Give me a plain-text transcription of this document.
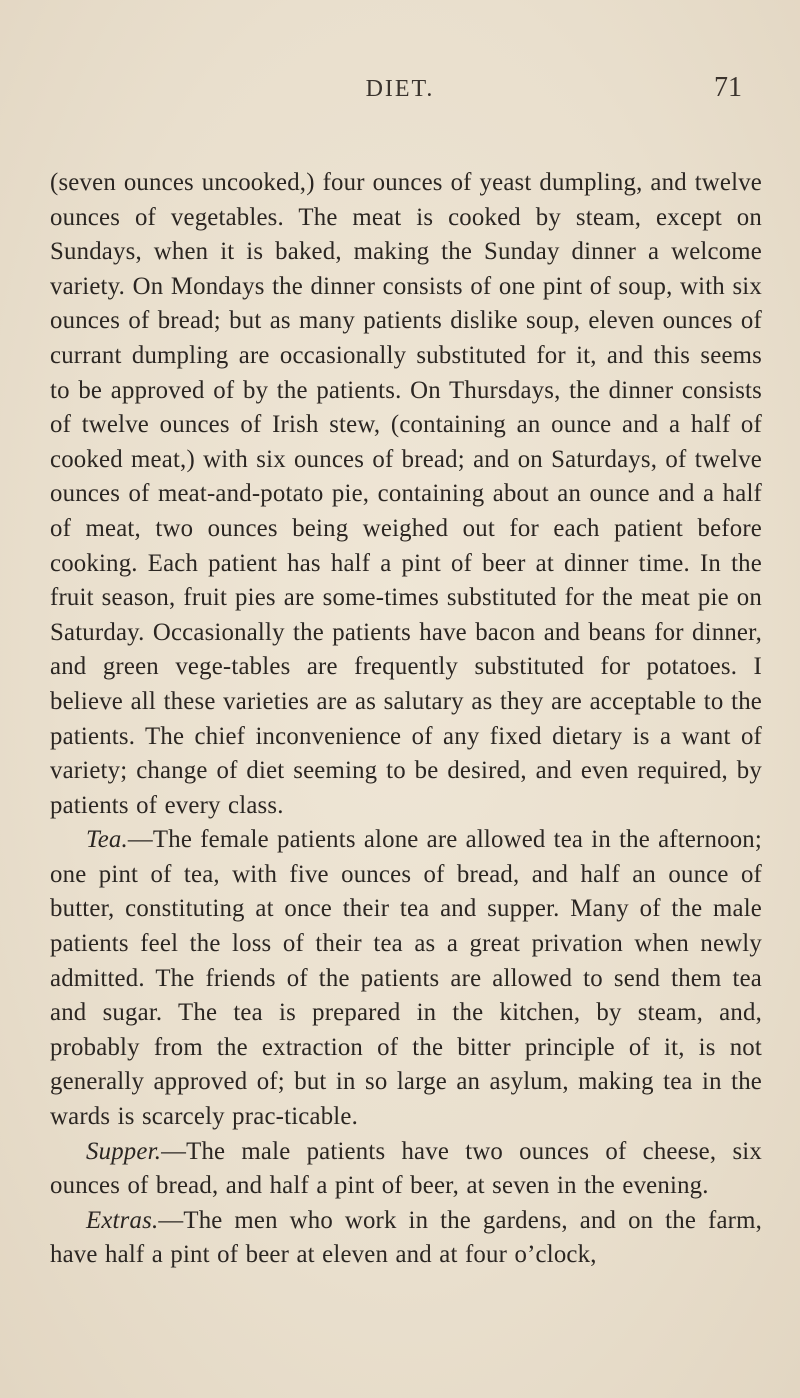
DIET.	71

(seven ounces uncooked,) four ounces of yeast dumpling, and twelve ounces of vegetables. The meat is cooked by steam, except on Sundays, when it is baked, making the Sunday dinner a welcome variety. On Mondays the dinner consists of one pint of soup, with six ounces of bread; but as many patients dislike soup, eleven ounces of currant dumpling are occasionally substituted for it, and this seems to be approved of by the patients. On Thursdays, the dinner consists of twelve ounces of Irish stew, (containing an ounce and a half of cooked meat,) with six ounces of bread; and on Saturdays, of twelve ounces of meat-and-potato pie, containing about an ounce and a half of meat, two ounces being weighed out for each patient before cooking. Each patient has half a pint of beer at dinner time. In the fruit season, fruit pies are some-times substituted for the meat pie on Saturday. Occasionally the patients have bacon and beans for dinner, and green vege-tables are frequently substituted for potatoes. I believe all these varieties are as salutary as they are acceptable to the patients. The chief inconvenience of any fixed dietary is a want of variety; change of diet seeming to be desired, and even required, by patients of every class.

Tea.—The female patients alone are allowed tea in the afternoon; one pint of tea, with five ounces of bread, and half an ounce of butter, constituting at once their tea and supper. Many of the male patients feel the loss of their tea as a great privation when newly admitted. The friends of the patients are allowed to send them tea and sugar. The tea is prepared in the kitchen, by steam, and, probably from the extraction of the bitter principle of it, is not generally approved of; but in so large an asylum, making tea in the wards is scarcely prac-ticable.

Supper.—The male patients have two ounces of cheese, six ounces of bread, and half a pint of beer, at seven in the evening.

Extras.—The men who work in the gardens, and on the farm, have half a pint of beer at eleven and at four o’clock,
